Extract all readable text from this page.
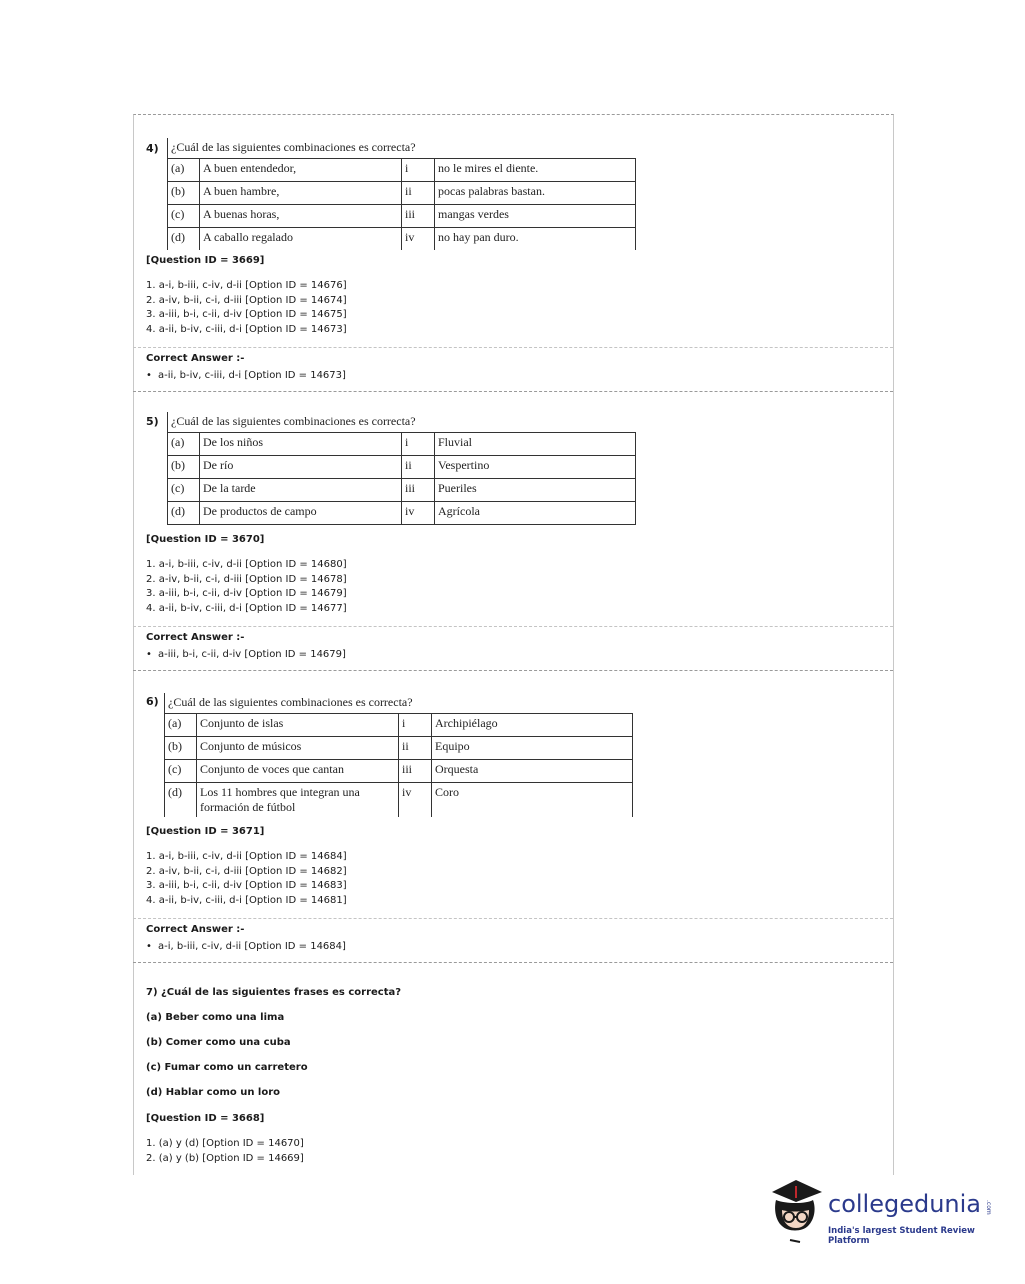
4) ¿Cuál de las siguientes combinaciones es correcta?			
(a)	A buen entendedor,	i	no le mires el diente.
(b)	A buen hambre,	ii	pocas palabras bastan.
(c)	A buenas horas,	iii	mangas verdes
(d)	A caballo regalado	iv	no hay pan duro.
[Question ID = 3669]
1. a-i, b-iii, c-iv, d-ii [Option ID = 14676]
2. a-iv, b-ii, c-i, d-iii [Option ID = 14674]
3. a-iii, b-i, c-ii, d-iv [Option ID = 14675]
4. a-ii, b-iv, c-iii, d-i [Option ID = 14673]
Correct Answer :-
• a-ii, b-iv, c-iii, d-i [Option ID = 14673]
5) ¿Cuál de las siguientes combinaciones es correcta?			
(a)	De los niños	i	Fluvial
(b)	De río	ii	Vespertino
(c)	De la tarde	iii	Pueriles
(d)	De productos de campo	iv	Agrícola
[Question ID = 3670]
1. a-i, b-iii, c-iv, d-ii [Option ID = 14680]
2. a-iv, b-ii, c-i, d-iii [Option ID = 14678]
3. a-iii, b-i, c-ii, d-iv [Option ID = 14679]
4. a-ii, b-iv, c-iii, d-i [Option ID = 14677]
Correct Answer :-
• a-iii, b-i, c-ii, d-iv [Option ID = 14679]
6) ¿Cuál de las siguientes combinaciones es correcta?			
(a)	Conjunto de islas	i	Archipiélago
(b)	Conjunto de músicos	ii	Equipo
(c)	Conjunto de voces que cantan	iii	Orquesta
(d)	Los 11 hombres que integran una formación de fútbol	iv	Coro
[Question ID = 3671]
1. a-i, b-iii, c-iv, d-ii [Option ID = 14684]
2. a-iv, b-ii, c-i, d-iii [Option ID = 14682]
3. a-iii, b-i, c-ii, d-iv [Option ID = 14683]
4. a-ii, b-iv, c-iii, d-i [Option ID = 14681]
Correct Answer :-
• a-i, b-iii, c-iv, d-ii [Option ID = 14684]
7) ¿Cuál de las siguientes frases es correcta?
(a) Beber como una lima
(b) Comer como una cuba
(c) Fumar como un carretero
(d) Hablar como un loro
[Question ID = 3668]
1. (a) y (d) [Option ID = 14670]
2. (a) y (b) [Option ID = 14669]
collegedunia .com
India's largest Student Review Platform
